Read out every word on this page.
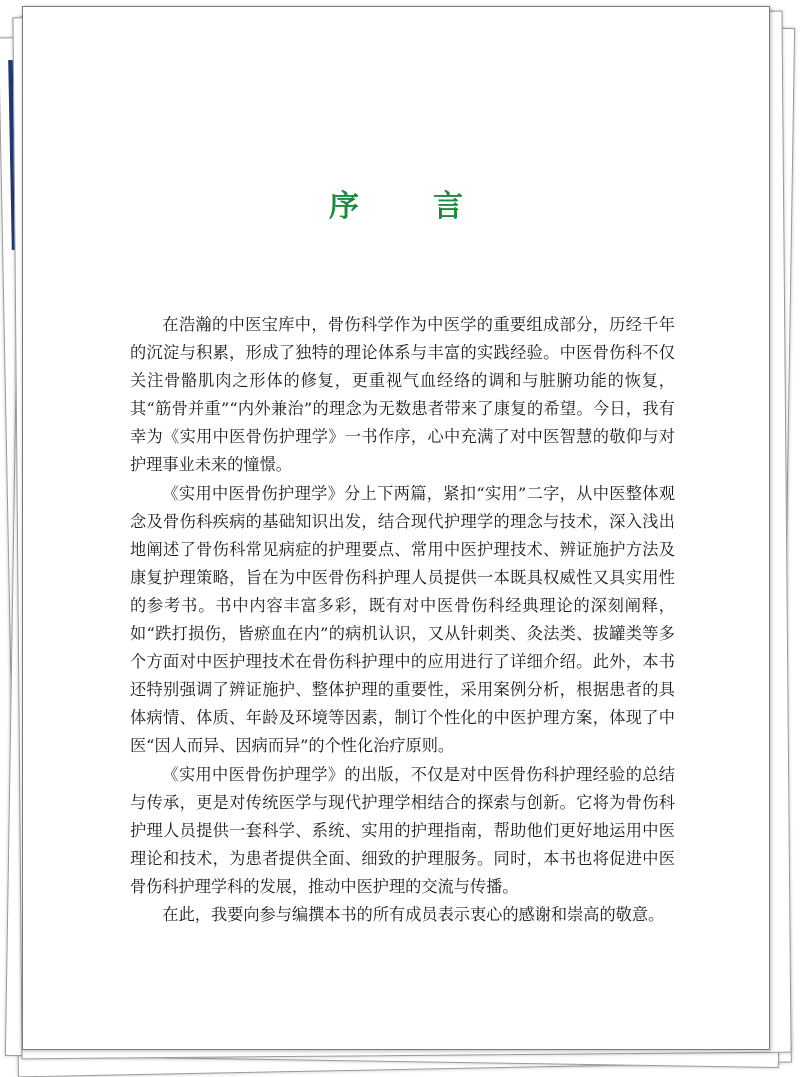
序　言

在浩瀚的中医宝库中，骨伤科学作为中医学的重要组成部分，历经千年的沉淀与积累，形成了独特的理论体系与丰富的实践经验。中医骨伤科不仅关注骨骼肌肉之形体的修复，更重视气血经络的调和与脏腑功能的恢复，其“筋骨并重”“内外兼治”的理念为无数患者带来了康复的希望。今日，我有幸为《实用中医骨伤护理学》一书作序，心中充满了对中医智慧的敬仰与对护理事业未来的憧憬。

《实用中医骨伤护理学》分上下两篇，紧扣“实用”二字，从中医整体观念及骨伤科疾病的基础知识出发，结合现代护理学的理念与技术，深入浅出地阐述了骨伤科常见病症的护理要点、常用中医护理技术、辨证施护方法及康复护理策略，旨在为中医骨伤科护理人员提供一本既具权威性又具实用性的参考书。书中内容丰富多彩，既有对中医骨伤科经典理论的深刻阐释，如“跌打损伤，皆瘀血在内”的病机认识，又从针刺类、灸法类、拔罐类等多个方面对中医护理技术在骨伤科护理中的应用进行了详细介绍。此外，本书还特别强调了辨证施护、整体护理的重要性，采用案例分析，根据患者的具体病情、体质、年龄及环境等因素，制订个性化的中医护理方案，体现了中医“因人而异、因病而异”的个性化治疗原则。

《实用中医骨伤护理学》的出版，不仅是对中医骨伤科护理经验的总结与传承，更是对传统医学与现代护理学相结合的探索与创新。它将为骨伤科护理人员提供一套科学、系统、实用的护理指南，帮助他们更好地运用中医理论和技术，为患者提供全面、细致的护理服务。同时，本书也将促进中医骨伤科护理学科的发展，推动中医护理的交流与传播。

在此，我要向参与编撰本书的所有成员表示衷心的感谢和崇高的敬意。
